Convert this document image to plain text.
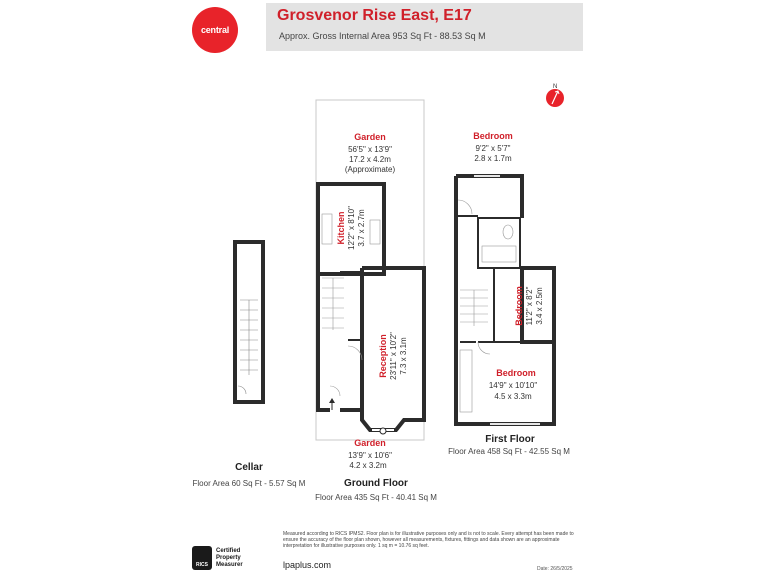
central
Grosvenor Rise East, E17
Approx. Gross Internal Area 953 Sq Ft - 88.53 Sq M
N
Garden
56'5" x 13'9"
17.2 x 4.2m
(Approximate)
Kitchen 12'2" x 8'10" 3.7 x 2.7m
Reception 23'11" x 10'2" 7.3 x 3.1m
Garden
13'9" x 10'6"
4.2 x 3.2m
Bedroom
9'2" x 5'7"
2.8 x 1.7m
Bedroom 11'2" x 8'2" 3.4 x 2.5m
Bedroom
14'9" x 10'10"
4.5 x 3.3m
Cellar
Floor Area 60 Sq Ft - 5.57 Sq M	Ground Floor
Floor Area 435 Sq Ft - 40.41 Sq M
First Floor
Floor Area 458 Sq Ft - 42.55 Sq M
RICS
Certified
Property
Measurer
Measured according to RICS IPMS2. Floor plan is for illustrative purposes only and is not to scale. Every attempt has been made to ensure the accuracy of the floor plan shown, however all measurements, fixtures, fittings and data shown are an approximate interpretation for illustrative purposes only. 1 sq m = 10.76 sq feet.
lpaplus.com	Date: 26/5/2025
